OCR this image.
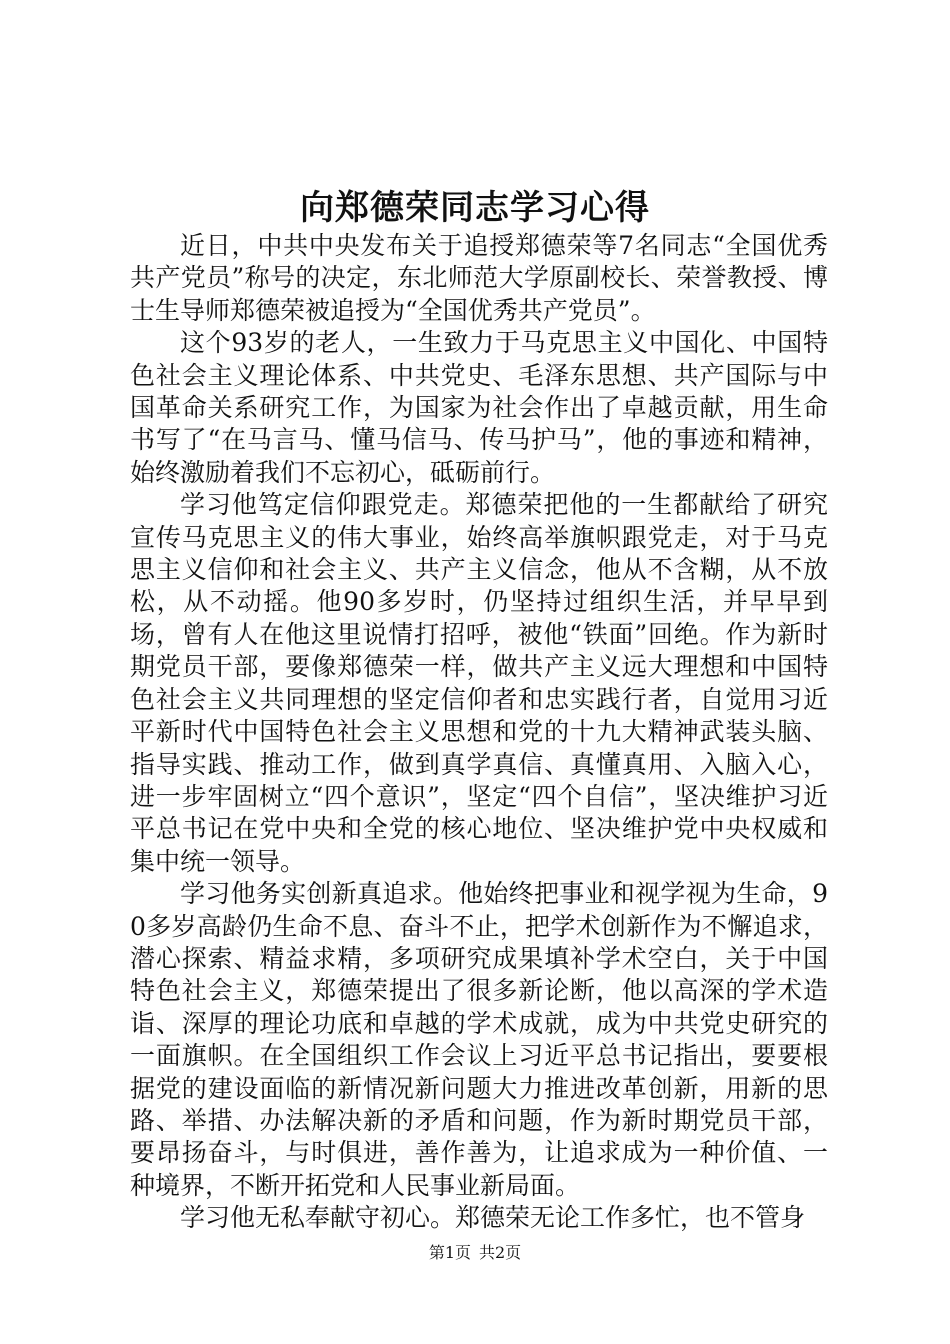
向郑德荣同志学习心得

近日，中共中央发布关于追授郑德荣等7名同志“全国优秀共产党员”称号的决定，东北师范大学原副校长、荣誉教授、博士生导师郑德荣被追授为“全国优秀共产党员”。

这个93岁的老人，一生致力于马克思主义中国化、中国特色社会主义理论体系、中共党史、毛泽东思想、共产国际与中国革命关系研究工作，为国家为社会作出了卓越贡献，用生命书写了“在马言马、懂马信马、传马护马”，他的事迹和精神，始终激励着我们不忘初心，砥砺前行。

学习他笃定信仰跟党走。郑德荣把他的一生都献给了研究宣传马克思主义的伟大事业，始终高举旗帜跟党走，对于马克思主义信仰和社会主义、共产主义信念，他从不含糊，从不放松，从不动摇。他90多岁时，仍坚持过组织生活，并早早到场，曾有人在他这里说情打招呼，被他“铁面”回绝。作为新时期党员干部，要像郑德荣一样，做共产主义远大理想和中国特色社会主义共同理想的坚定信仰者和忠实践行者，自觉用习近平新时代中国特色社会主义思想和党的十九大精神武装头脑、指导实践、推动工作，做到真学真信、真懂真用、入脑入心，进一步牢固树立“四个意识”，坚定“四个自信”，坚决维护习近平总书记在党中央和全党的核心地位、坚决维护党中央权威和集中统一领导。

学习他务实创新真追求。他始终把事业和视学视为生命，90多岁高龄仍生命不息、奋斗不止，把学术创新作为不懈追求，潜心探索、精益求精，多项研究成果填补学术空白，关于中国特色社会主义，郑德荣提出了很多新论断，他以高深的学术造诣、深厚的理论功底和卓越的学术成就，成为中共党史研究的一面旗帜。在全国组织工作会议上习近平总书记指出，要要根据党的建设面临的新情况新问题大力推进改革创新，用新的思路、举措、办法解决新的矛盾和问题，作为新时期党员干部，要昂扬奋斗，与时俱进，善作善为，让追求成为一种价值、一种境界，不断开拓党和人民事业新局面。

学习他无私奉献守初心。郑德荣无论工作多忙，也不管身

第1页 共2页
